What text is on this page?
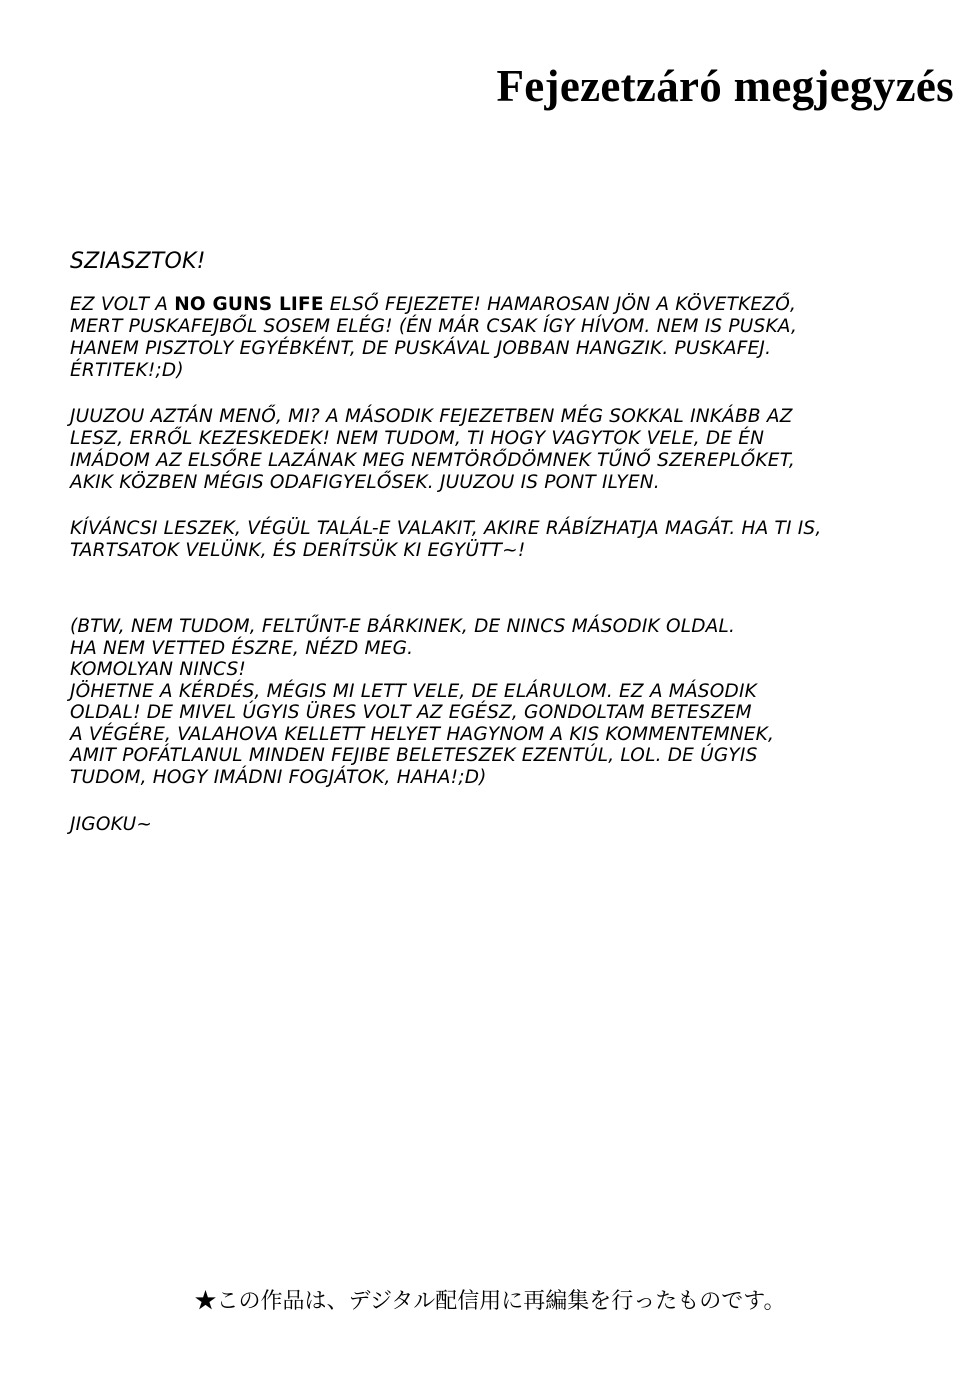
Fejezetzáró megjegyzés
SZIASZTOK!
EZ VOLT A NO GUNS LIFE ELSŐ FEJEZETE! HAMAROSAN JÖN A KÖVETKEZŐ,
MERT PUSKAFEJBŐL SOSEM ELÉG! (ÉN MÁR CSAK ÍGY HÍVOM. NEM IS PUSKA,
HANEM PISZTOLY EGYÉBKÉNT, DE PUSKÁVAL JOBBAN HANGZIK. PUSKAFEJ.
ÉRTITEK!;D)
JUUZOU AZTÁN MENŐ, MI? A MÁSODIK FEJEZETBEN MÉG SOKKAL INKÁBB AZ
LESZ, ERRŐL KEZESKEDEK! NEM TUDOM, TI HOGY VAGYTOK VELE, DE ÉN
IMÁDOM AZ ELSŐRE LAZÁNAK MEG NEMTÖRŐDÖMNEK TŰNŐ SZEREPLŐKET,
AKIK KÖZBEN MÉGIS ODAFIGYELŐSEK. JUUZOU IS PONT ILYEN.
KÍVÁNCSI LESZEK, VÉGÜL TALÁL-E VALAKIT, AKIRE RÁBÍZHATJA MAGÁT. HA TI IS,
TARTSATOK VELÜNK, ÉS DERÍTSÜK KI EGYÜTT~!
(BTW, NEM TUDOM, FELTŰNT-E BÁRKINEK, DE NINCS MÁSODIK OLDAL.
HA NEM VETTED ÉSZRE, NÉZD MEG.
KOMOLYAN NINCS!
JÖHETNE A KÉRDÉS, MÉGIS MI LETT VELE, DE ELÁRULOM. EZ A MÁSODIK
OLDAL! DE MIVEL ÚGYIS ÜRES VOLT AZ EGÉSZ, GONDOLTAM BETESZEM
A VÉGÉRE, VALAHOVA KELLETT HELYET HAGYNOM A KIS KOMMENTEMNEK,
AMIT POFÁTLANUL MINDEN FEJIBE BELETESZEK EZENTÚL, LOL. DE ÚGYIS
TUDOM, HOGY IMÁDNI FOGJÁTOK, HAHA!;D)
JIGOKU~
★この作品は、デジタル配信用に再編集を行ったものです。
